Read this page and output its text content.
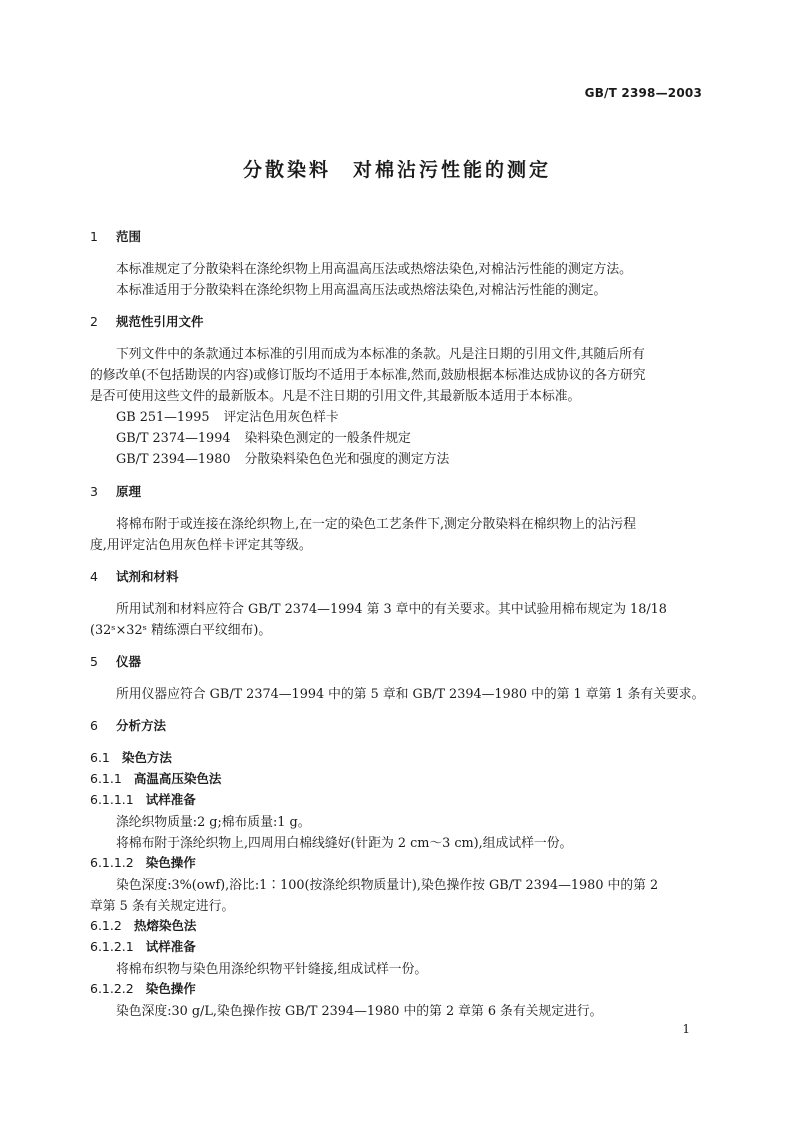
GB/T 2398—2003
分散染料 对棉沾污性能的测定
1 范围
本标准规定了分散染料在涤纶织物上用高温高压法或热熔法染色,对棉沾污性能的测定方法。
本标准适用于分散染料在涤纶织物上用高温高压法或热熔法染色,对棉沾污性能的测定。
2 规范性引用文件
下列文件中的条款通过本标准的引用而成为本标准的条款。凡是注日期的引用文件,其随后所有
的修改单(不包括勘误的内容)或修订版均不适用于本标准,然而,鼓励根据本标准达成协议的各方研究
是否可使用这些文件的最新版本。凡是不注日期的引用文件,其最新版本适用于本标准。
GB 251—1995 评定沾色用灰色样卡
GB/T 2374—1994 染料染色测定的一般条件规定
GB/T 2394—1980 分散染料染色色光和强度的测定方法
3 原理
将棉布附于或连接在涤纶织物上,在一定的染色工艺条件下,测定分散染料在棉织物上的沾污程
度,用评定沾色用灰色样卡评定其等级。
4 试剂和材料
所用试剂和材料应符合 GB/T 2374—1994 第 3 章中的有关要求。其中试验用棉布规定为 18/18
(32ˢ×32ˢ 精练漂白平纹细布)。
5 仪器
所用仪器应符合 GB/T 2374—1994 中的第 5 章和 GB/T 2394—1980 中的第 1 章第 1 条有关要求。
6 分析方法
6.1 染色方法
6.1.1 高温高压染色法
6.1.1.1 试样准备
涤纶织物质量:2 g;棉布质量:1 g。
将棉布附于涤纶织物上,四周用白棉线缝好(针距为 2 cm～3 cm),组成试样一份。
6.1.1.2 染色操作
染色深度:3%(owf),浴比:1∶100(按涤纶织物质量计),染色操作按 GB/T 2394—1980 中的第 2
章第 5 条有关规定进行。
6.1.2 热熔染色法
6.1.2.1 试样准备
将棉布织物与染色用涤纶织物平针缝接,组成试样一份。
6.1.2.2 染色操作
染色深度:30 g/L,染色操作按 GB/T 2394—1980 中的第 2 章第 6 条有关规定进行。
1
